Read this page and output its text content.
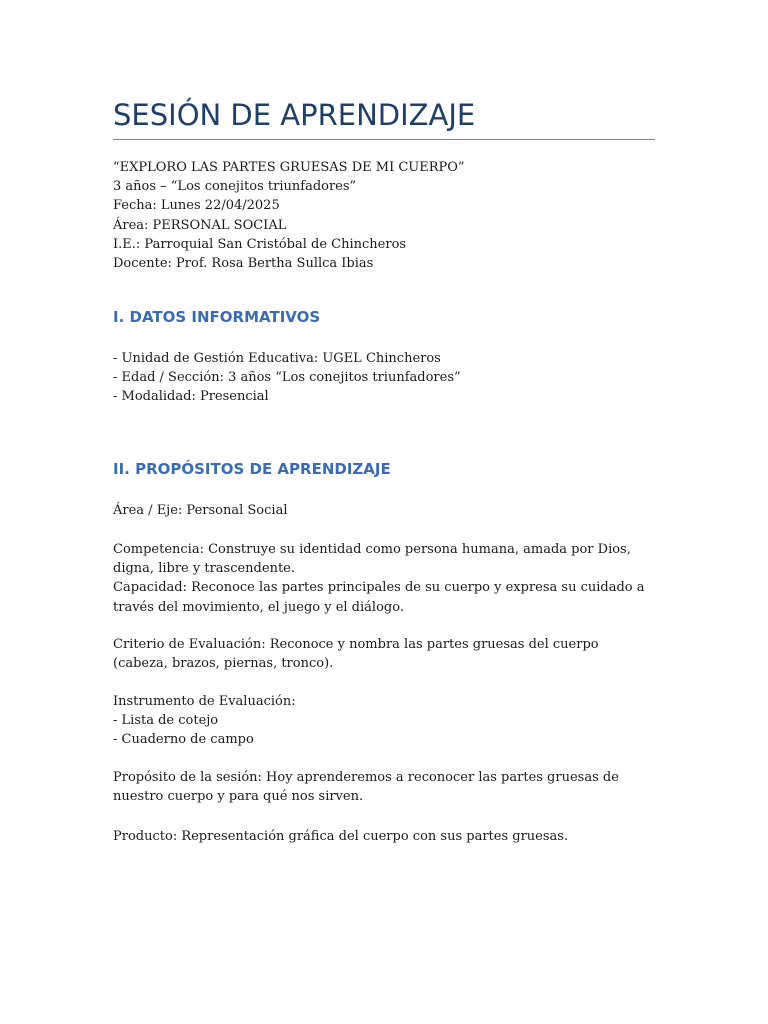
SESIÓN DE APRENDIZAJE

“EXPLORO LAS PARTES GRUESAS DE MI CUERPO”

3 años – “Los conejitos triunfadores”

Fecha: Lunes 22/04/2025

Área: PERSONAL SOCIAL

I.E.: Parroquial San Cristóbal de Chincheros

Docente: Prof. Rosa Bertha Sullca Ibias

I. DATOS INFORMATIVOS

- Unidad de Gestión Educativa: UGEL Chincheros

- Edad / Sección: 3 años “Los conejitos triunfadores”

- Modalidad: Presencial

II. PROPÓSITOS DE APRENDIZAJE

Área / Eje: Personal Social

Competencia: Construye su identidad como persona humana, amada por Dios, digna, libre y trascendente.

Capacidad: Reconoce las partes principales de su cuerpo y expresa su cuidado a través del movimiento, el juego y el diálogo.

Criterio de Evaluación: Reconoce y nombra las partes gruesas del cuerpo (cabeza, brazos, piernas, tronco).

Instrumento de Evaluación:

- Lista de cotejo

- Cuaderno de campo

Propósito de la sesión: Hoy aprenderemos a reconocer las partes gruesas de nuestro cuerpo y para qué nos sirven.

Producto: Representación gráfica del cuerpo con sus partes gruesas.
